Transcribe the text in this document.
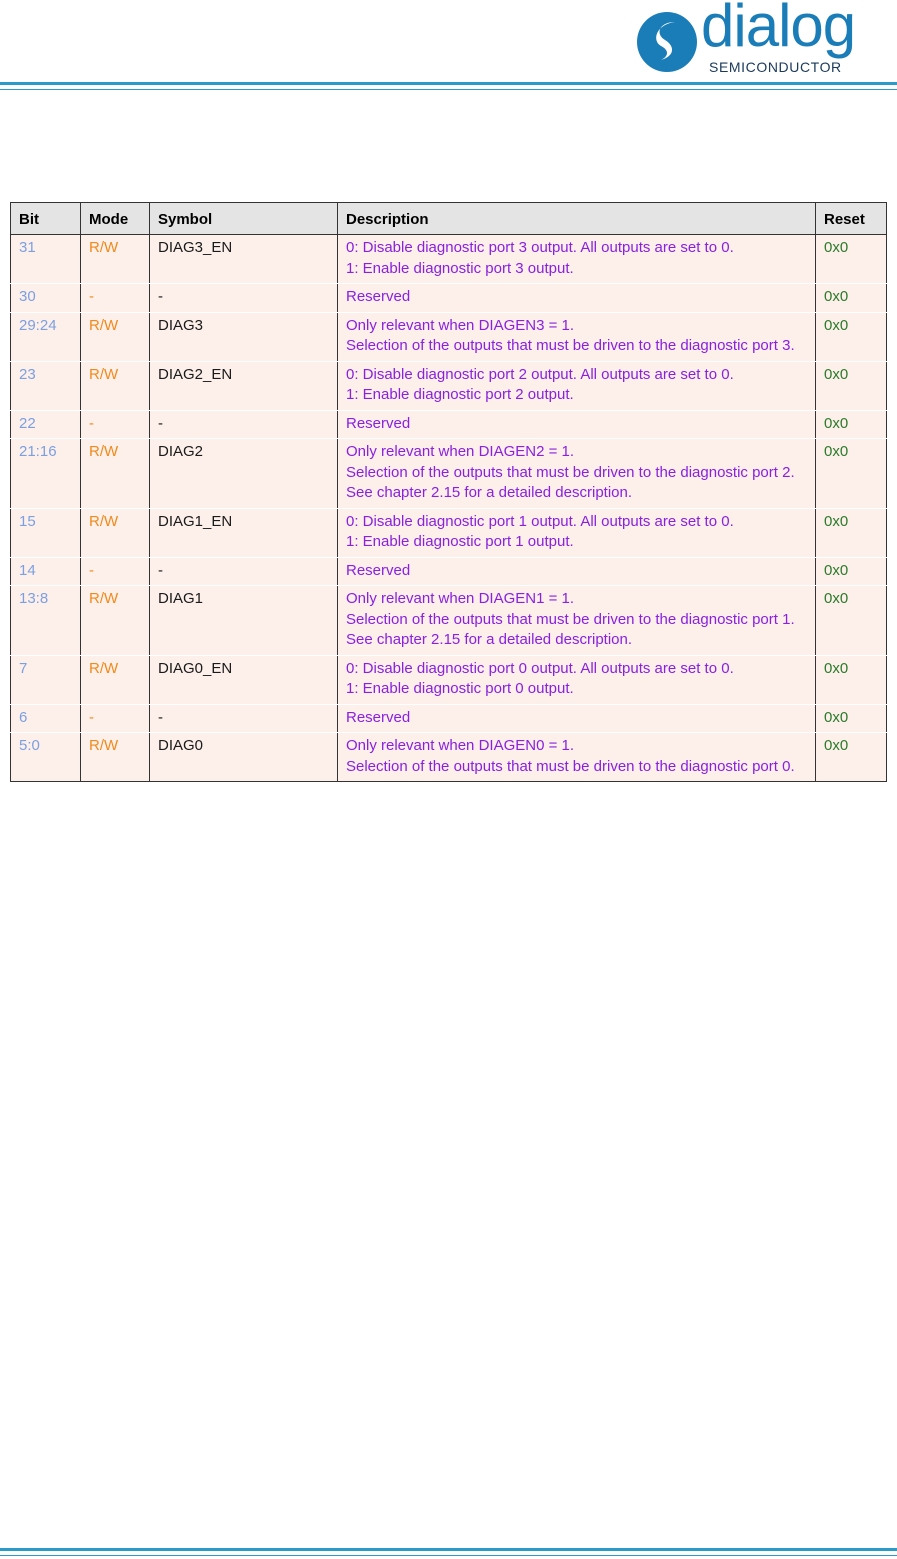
dialog
SEMICONDUCTOR
Bit	Mode	Symbol	Description	Reset
31	R/W	DIAG3_EN	0: Disable diagnostic port 3 output. All outputs are set to 0.
1: Enable diagnostic port 3 output.	0x0
30	-	-	Reserved	0x0
29:24	R/W	DIAG3	Only relevant when DIAGEN3 = 1.
Selection of the outputs that must be driven to the diagnostic port 3.	0x0
23	R/W	DIAG2_EN	0: Disable diagnostic port 2 output. All outputs are set to 0.
1: Enable diagnostic port 2 output.	0x0
22	-	-	Reserved	0x0
21:16	R/W	DIAG2	Only relevant when DIAGEN2 = 1.
Selection of the outputs that must be driven to the diagnostic port 2. See chapter 2.15 for a detailed description.	0x0
15	R/W	DIAG1_EN	0: Disable diagnostic port 1 output. All outputs are set to 0.
1: Enable diagnostic port 1 output.	0x0
14	-	-	Reserved	0x0
13:8	R/W	DIAG1	Only relevant when DIAGEN1 = 1.
Selection of the outputs that must be driven to the diagnostic port 1. See chapter 2.15 for a detailed description.	0x0
7	R/W	DIAG0_EN	0: Disable diagnostic port 0 output. All outputs are set to 0.
1: Enable diagnostic port 0 output.	0x0
6	-	-	Reserved	0x0
5:0	R/W	DIAG0	Only relevant when DIAGEN0 = 1.
Selection of the outputs that must be driven to the diagnostic port 0.	0x0
